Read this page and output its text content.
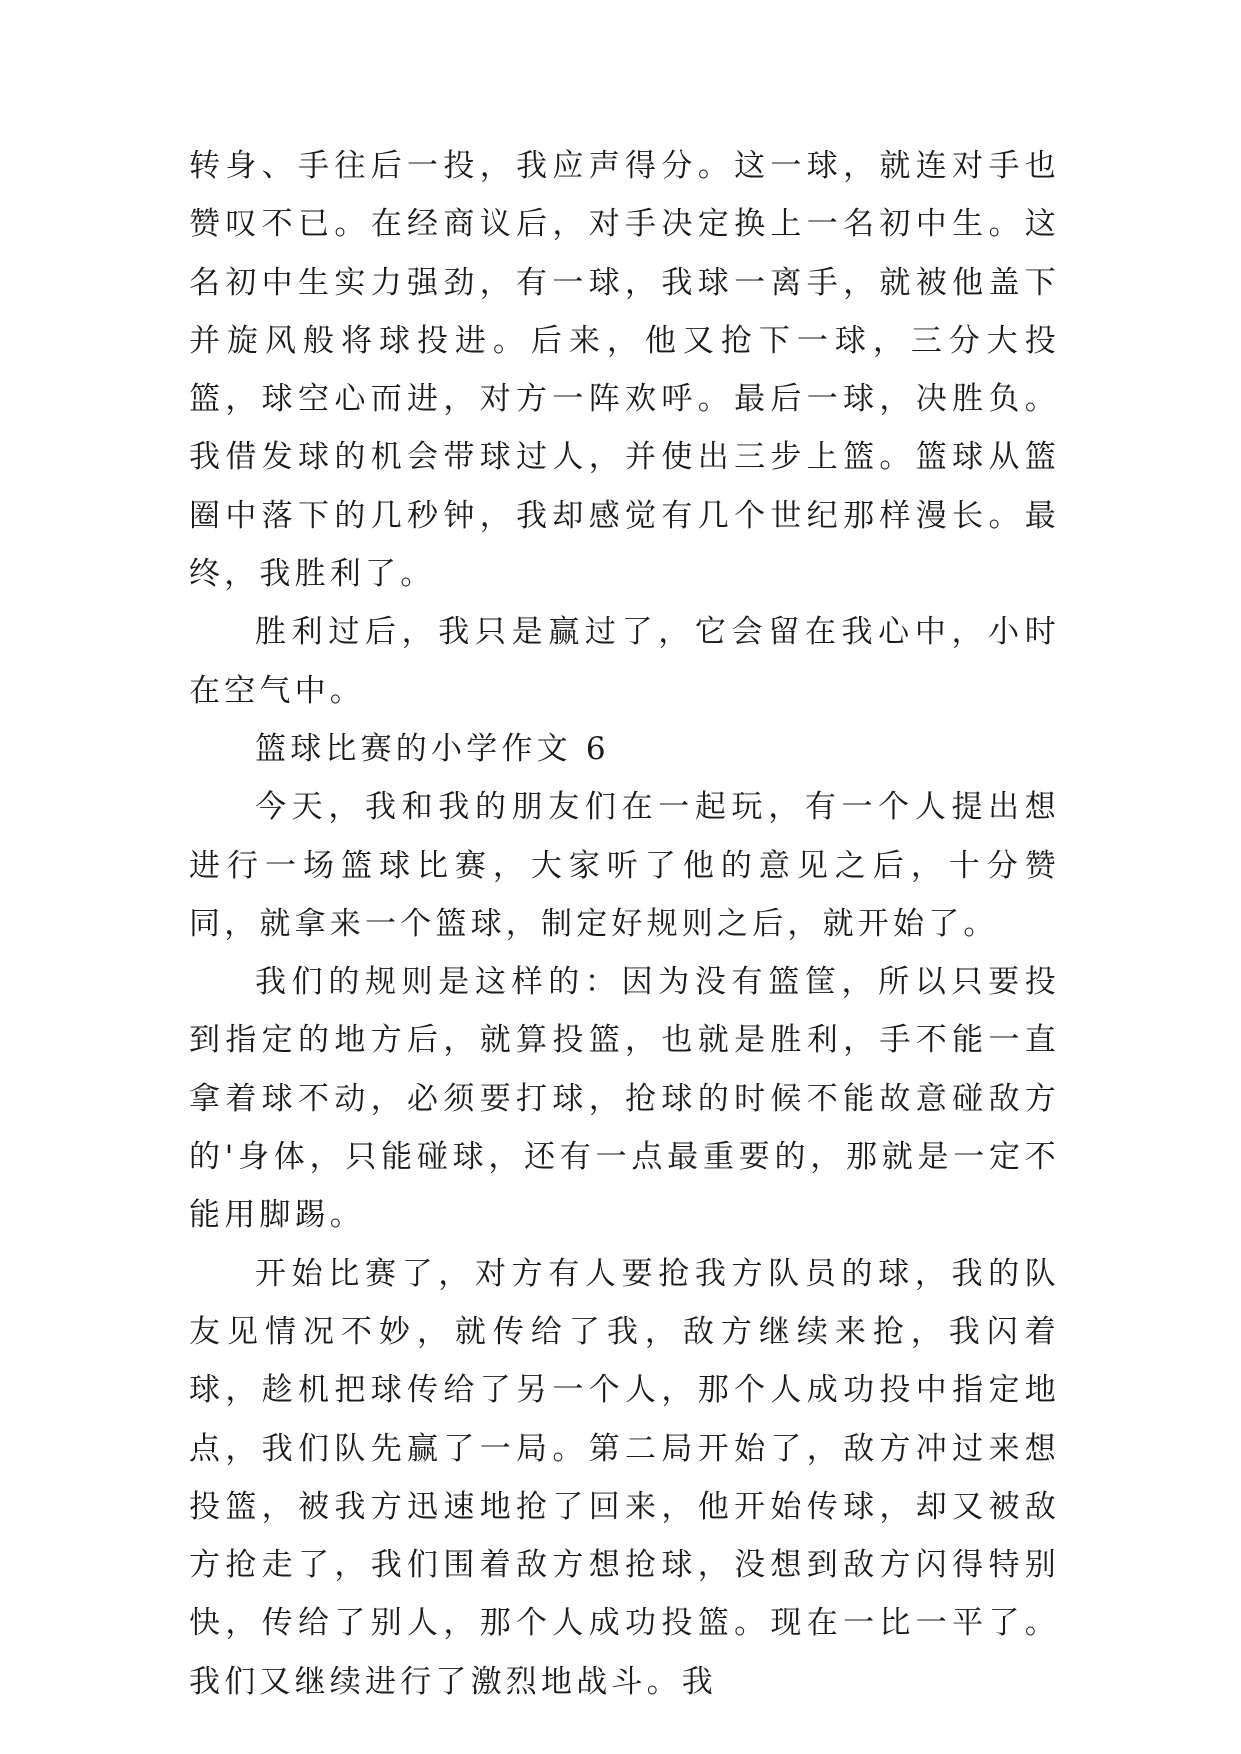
转身、手往后一投，我应声得分。这一球，就连对手也赞叹不已。在经商议后，对手决定换上一名初中生。这名初中生实力强劲，有一球，我球一离手，就被他盖下并旋风般将球投进。后来，他又抢下一球，三分大投篮，球空心而进，对方一阵欢呼。最后一球，决胜负。我借发球的机会带球过人，并使出三步上篮。篮球从篮圈中落下的几秒钟，我却感觉有几个世纪那样漫长。最终，我胜利了。

胜利过后，我只是赢过了，它会留在我心中，小时在空气中。

篮球比赛的小学作文 6

今天，我和我的朋友们在一起玩，有一个人提出想进行一场篮球比赛，大家听了他的意见之后，十分赞同，就拿来一个篮球，制定好规则之后，就开始了。

我们的规则是这样的：因为没有篮筐，所以只要投到指定的地方后，就算投篮，也就是胜利，手不能一直拿着球不动，必须要打球，抢球的时候不能故意碰敌方的'身体，只能碰球，还有一点最重要的，那就是一定不能用脚踢。

开始比赛了，对方有人要抢我方队员的球，我的队友见情况不妙，就传给了我，敌方继续来抢，我闪着球，趁机把球传给了另一个人，那个人成功投中指定地点，我们队先赢了一局。第二局开始了，敌方冲过来想投篮，被我方迅速地抢了回来，他开始传球，却又被敌方抢走了，我们围着敌方想抢球，没想到敌方闪得特别快，传给了别人，那个人成功投篮。现在一比一平了。我们又继续进行了激烈地战斗。我
